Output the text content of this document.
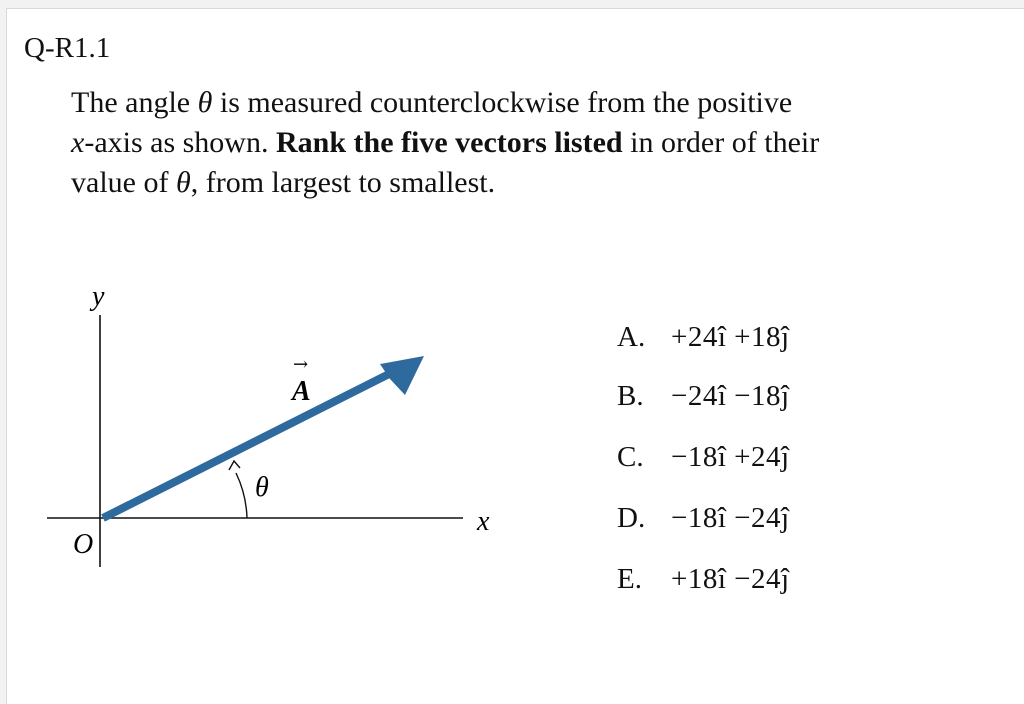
Q-R1.1
The angle θ is measured counterclockwise from the positive
x-axis as shown. Rank the five vectors listed in order of their
value of θ, from largest to smallest.
y
x
O
→
A
θ
A. +24î +18ĵ
B. −24î −18ĵ
C. −18î +24ĵ
D. −18î −24ĵ
E. +18î −24ĵ
